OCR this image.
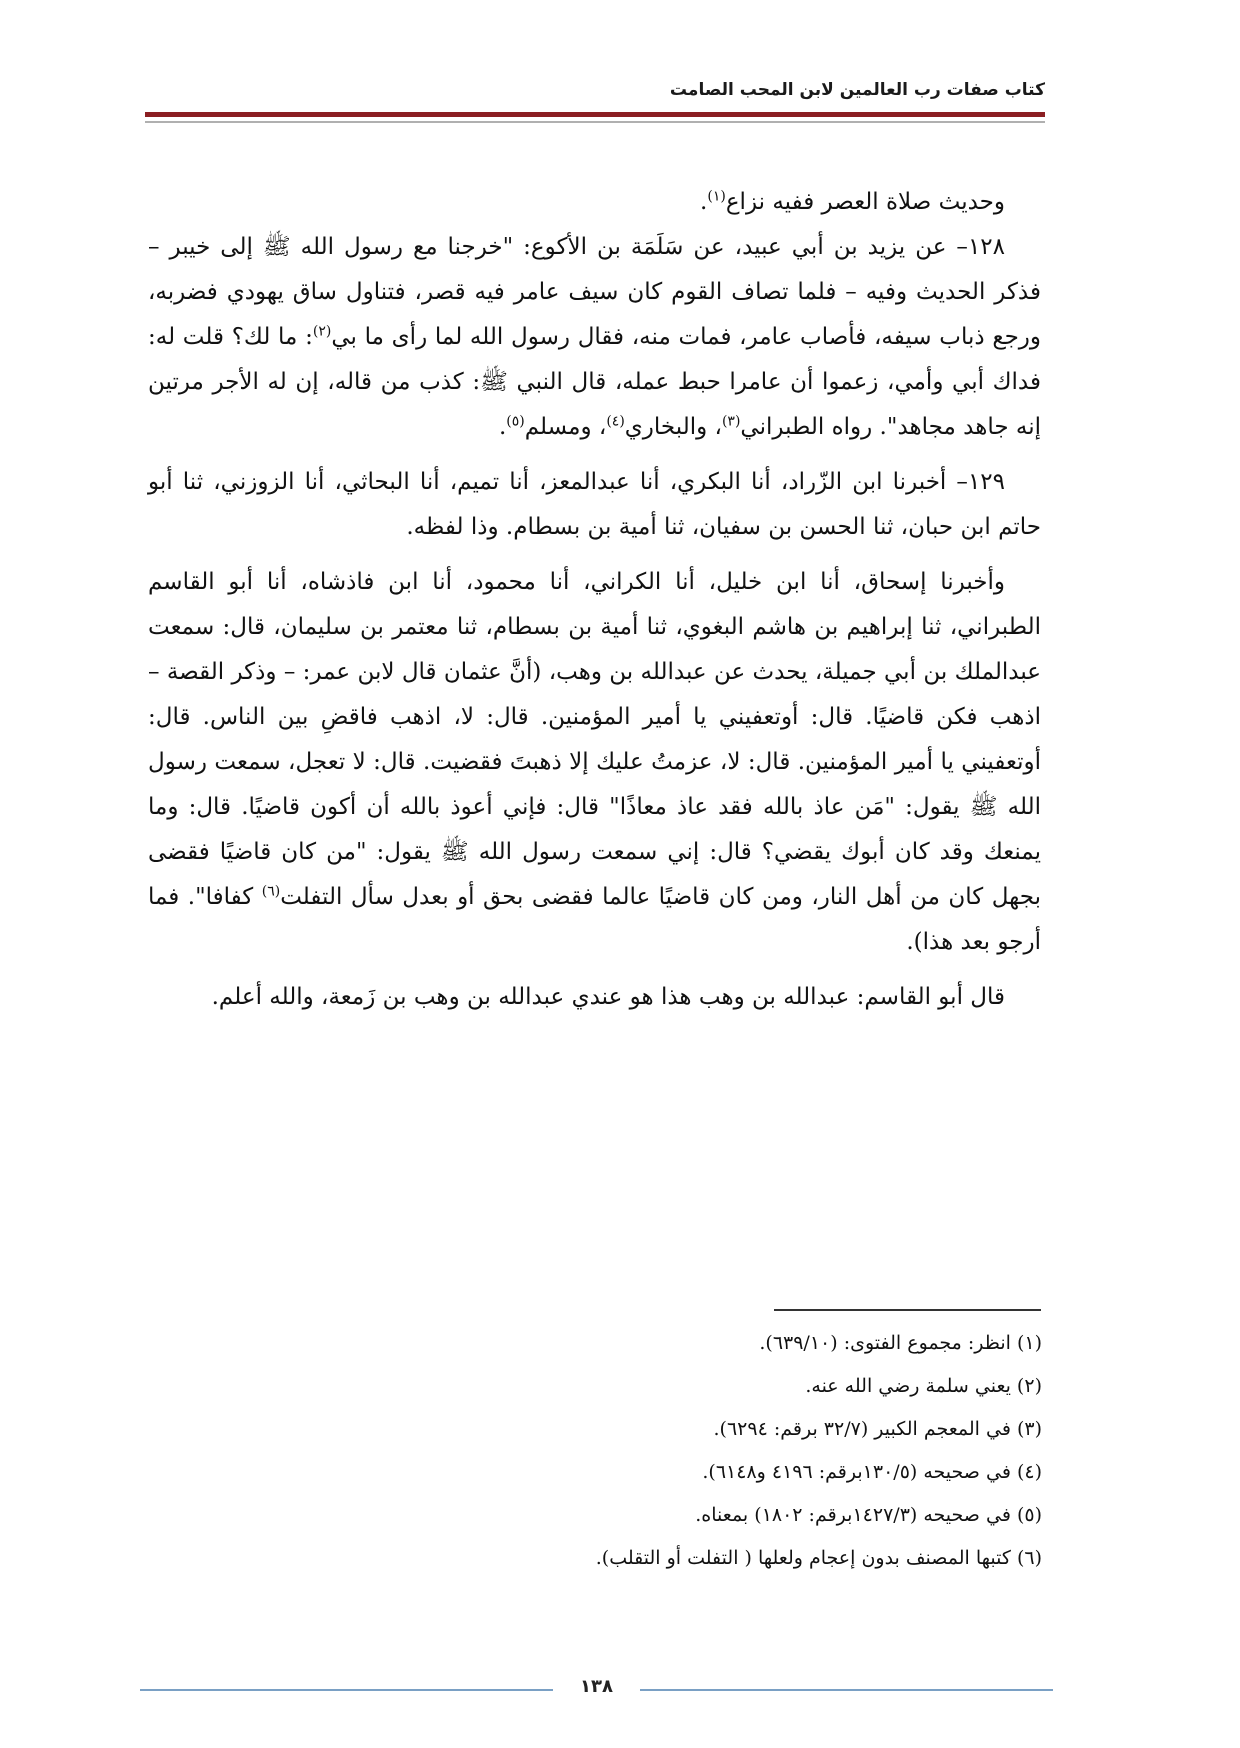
كتاب صفات رب العالمين لابن المحب الصامت

وحديث صلاة العصر ففيه نزاع$^{(١)}$.

١٢٨– عن يزيد بن أبي عبيد، عن سَلَمَة بن الأكوع: "خرجنا مع رسول الله ﷺ إلى خيبر – فذكر الحديث وفيه – فلما تصاف القوم كان سيف عامر فيه قصر، فتناول ساق يهودي فضربه، ورجع ذباب سيفه، فأصاب عامر، فمات منه، فقال رسول الله لما رأى ما بي$^{(٢)}$: ما لك؟ قلت له: فداك أبي وأمي، زعموا أن عامرا حبط عمله، قال النبي ﷺ: كذب من قاله، إن له الأجر مرتين إنه جاهد مجاهد". رواه الطبراني$^{(٣)}$، والبخاري$^{(٤)}$، ومسلم$^{(٥)}$.

١٢٩– أخبرنا ابن الزّراد، أنا البكري، أنا عبدالمعز، أنا تميم، أنا البحاثي، أنا الزوزني، ثنا أبو حاتم ابن حبان، ثنا الحسن بن سفيان، ثنا أمية بن بسطام. وذا لفظه.

وأخبرنا إسحاق، أنا ابن خليل، أنا الكراني، أنا محمود، أنا ابن فاذشاه، أنا أبو القاسم الطبراني، ثنا إبراهيم بن هاشم البغوي، ثنا أمية بن بسطام، ثنا معتمر بن سليمان، قال: سمعت عبدالملك بن أبي جميلة، يحدث عن عبدالله بن وهب، (أنَّ عثمان قال لابن عمر: – وذكر القصة – اذهب فكن قاضيًا. قال: أوتعفيني يا أمير المؤمنين. قال: لا، اذهب فاقضِ بين الناس. قال: أوتعفيني يا أمير المؤمنين. قال: لا، عزمتُ عليك إلا ذهبتَ فقضيت. قال: لا تعجل، سمعت رسول الله ﷺ يقول: "مَن عاذ بالله فقد عاذ معاذًا" قال: فإني أعوذ بالله أن أكون قاضيًا. قال: وما يمنعك وقد كان أبوك يقضي؟ قال: إني سمعت رسول الله ﷺ يقول: "من كان قاضيًا فقضى بجهل كان من أهل النار، ومن كان قاضيًا عالما فقضى بحق أو بعدل سأل التفلت$^{(٦)}$ كفافا". فما أرجو بعد هذا).

قال أبو القاسم: عبدالله بن وهب هذا هو عندي عبدالله بن وهب بن زَمعة، والله أعلم.

(١) انظر: مجموع الفتوى: (٦٣٩/١٠).
(٢) يعني سلمة رضي الله عنه.
(٣) في المعجم الكبير (٣٢/٧ برقم: ٦٢٩٤).
(٤) في صحيحه (١٣٠/٥برقم: ٤١٩٦ و٦١٤٨).
(٥) في صحيحه (١٤٢٧/٣برقم: ١٨٠٢) بمعناه.
(٦) كتبها المصنف بدون إعجام ولعلها ( التفلت أو التقلب).
١٣٨
